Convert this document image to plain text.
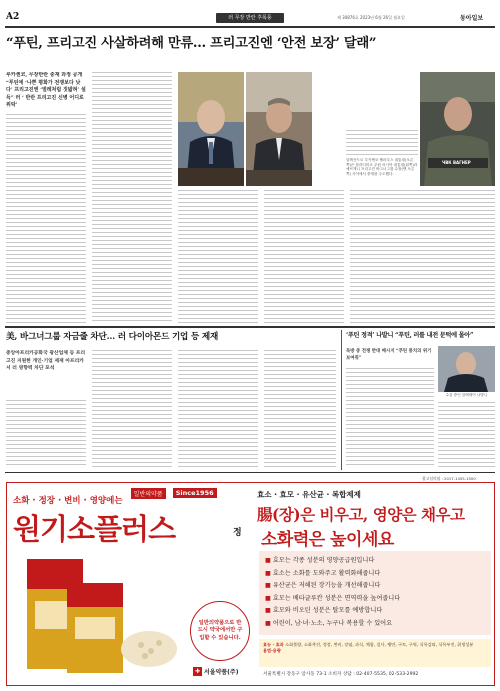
A2	러 무장 반란 후폭풍	제 30876호 2023년 6월 26일 월요일	동아일보
“푸틴, 프리고진 사살하려해 만류… 프리고진엔 ‘안전 보장’ 달래”
루카셴코, 무장반란 중재 과정 공개 “푸틴에 ‘나쁜 평화가 전쟁보다 낫다’ 프리고진엔 ‘벌레처럼 짓밟혀’ 설득” 러 ‘ 반란 프리고진 신병 어디로 위탁’
ЧВК ВАГНЕР
알렉산드르 루카셴코 벨라루스 대통령(오른쪽)은 블라디미르 푸틴 러시아 대통령(왼쪽)과 예브게니 프리고진 바그너그룹 수장(맨 오른쪽) 사이에서 중재를 주도했다.
美, 바그너그룹 자금줄 차단… 러 다이아몬드 기업 등 제재
중앙아프리카공화국 광산업체 등 프리고진 지원한 개인·기업 제재 아프리카서 러 영향력 차단 포석
‘푸틴 정적’ 나발니 “푸틴, 러를 내전 문턱에 몰아”
독방 중 전쟁 반대 메시지 “푸틴 통치의 위기 보여줘”
수감 중인 알렉세이 나발니
광고심의필 : 2017-1455-1500
소화 · 정장 · 변비 · 영양에는 일반의약품 Since1956
원기소플러스	정
일반의약품으로 반드시 약국에서만 구입할 수 있습니다.
✚ 서울약품(주)
효소 · 효모 · 유산균 · 복합제제
腸(장)은 비우고, 영양은 채우고
소화력은 높이세요
■ 효모는 각종 성분의 영양공급원입니다
■ 효소는 소화를 도와주고 활력화해줍니다
■ 유산균은 저해된 장기능을 개선해줍니다
■ 효모는 베타글루칸 성분은 면역력을 높여줍니다
■ 효모와 비오틴 성분은 탈모를 예방합니다
■ 어린이, 남·녀·노소, 누구나 복용할 수 있어요
효능 · 효과 소화불량, 소화촉진, 정장, 변비, 장염, 과식, 체함, 설사, 팽만, 구토, 구역, 식욕감퇴, 식욕부진, 위생성분
용법·용량
서울특별시 강동구 암사동 73-1 소비자 상담 : 02-407-5535, 02-533-2992
